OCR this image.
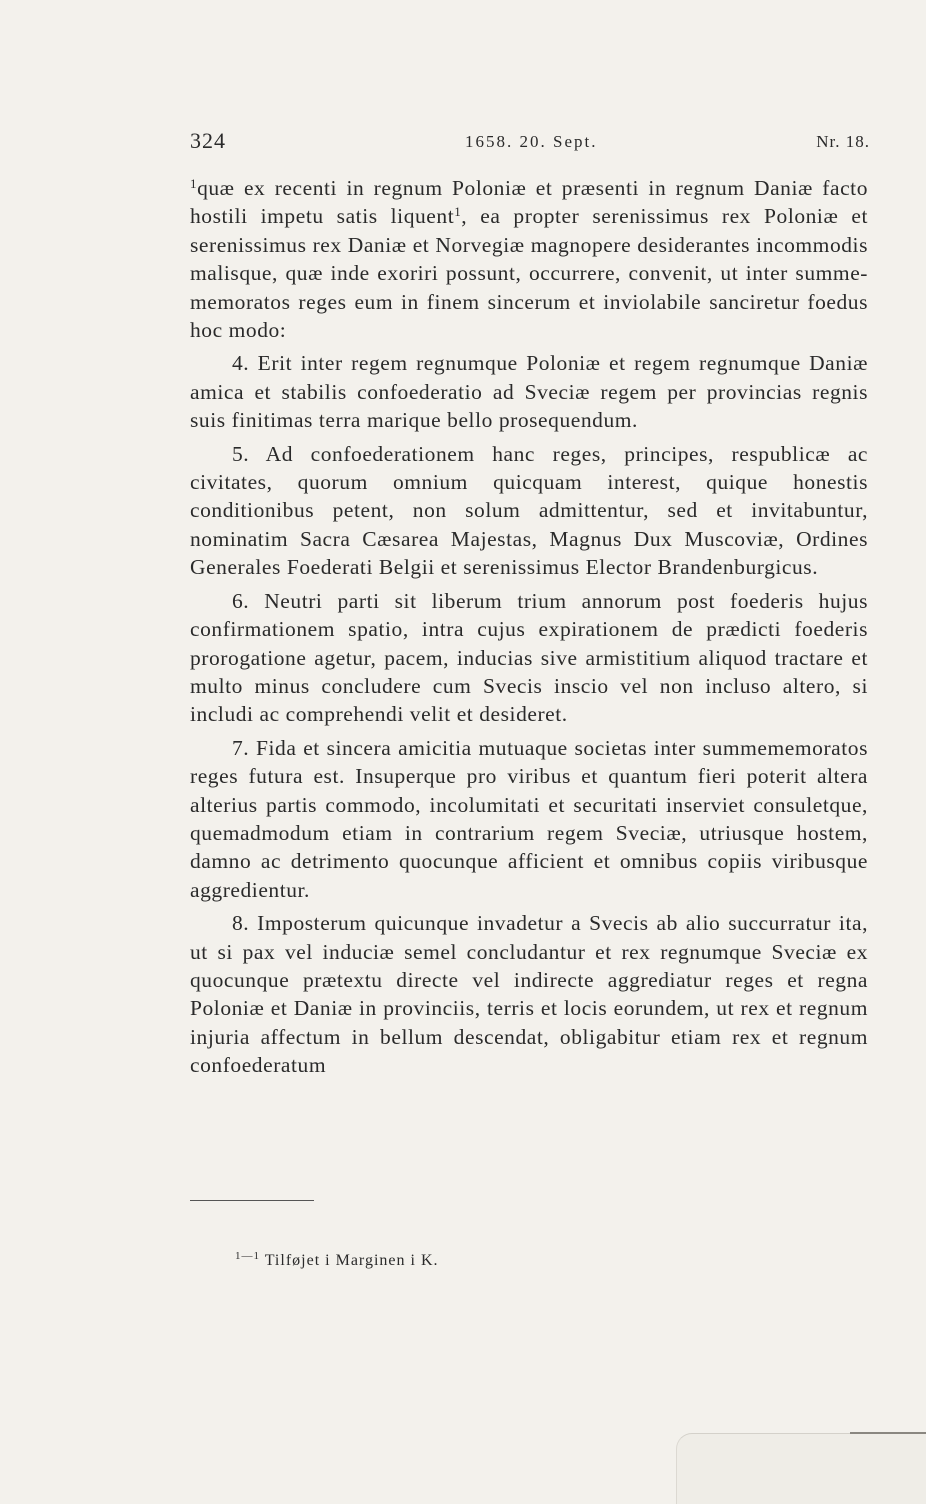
324	1658. 20. Sept.	Nr. 18.

$^1$quæ ex recenti in regnum Poloniæ et præsenti in regnum Daniæ facto hostili impetu satis liquent$^1$, ea propter serenissimus rex Poloniæ et serenissimus rex Daniæ et Norvegiæ magnopere desiderantes incommodis malisque, quæ inde exoriri possunt, occurrere, convenit, ut inter summe-memoratos reges eum in finem sincerum et inviolabile sanciretur foedus hoc modo:

4. Erit inter regem regnumque Poloniæ et regem regnumque Daniæ amica et stabilis confoederatio ad Sveciæ regem per provincias regnis suis finitimas terra marique bello prosequendum.

5. Ad confoederationem hanc reges, principes, respublicæ ac civitates, quorum omnium quicquam interest, quique honestis conditionibus petent, non solum admittentur, sed et invitabuntur, nominatim Sacra Cæsarea Majestas, Magnus Dux Muscoviæ, Ordines Generales Foederati Belgii et serenissimus Elector Brandenburgicus.

6. Neutri parti sit liberum trium annorum post foederis hujus confirmationem spatio, intra cujus expirationem de prædicti foederis prorogatione agetur, pacem, inducias sive armistitium aliquod tractare et multo minus concludere cum Svecis inscio vel non incluso altero, si includi ac comprehendi velit et desideret.

7. Fida et sincera amicitia mutuaque societas inter summememoratos reges futura est. Insuperque pro viribus et quantum fieri poterit altera alterius partis commodo, incolumitati et securitati inserviet consuletque, quemadmodum etiam in contrarium regem Sveciæ, utriusque hostem, damno ac detrimento quocunque afficient et omnibus copiis viribusque aggredientur.

8. Imposterum quicunque invadetur a Svecis ab alio succurratur ita, ut si pax vel induciæ semel concludantur et rex regnumque Sveciæ ex quocunque prætextu directe vel indirecte aggrediatur reges et regna Poloniæ et Daniæ in provinciis, terris et locis eorundem, ut rex et regnum injuria affectum in bellum descendat, obligabitur etiam rex et regnum confoederatum

$^{1—1}$ Tilføjet i Marginen i K.
